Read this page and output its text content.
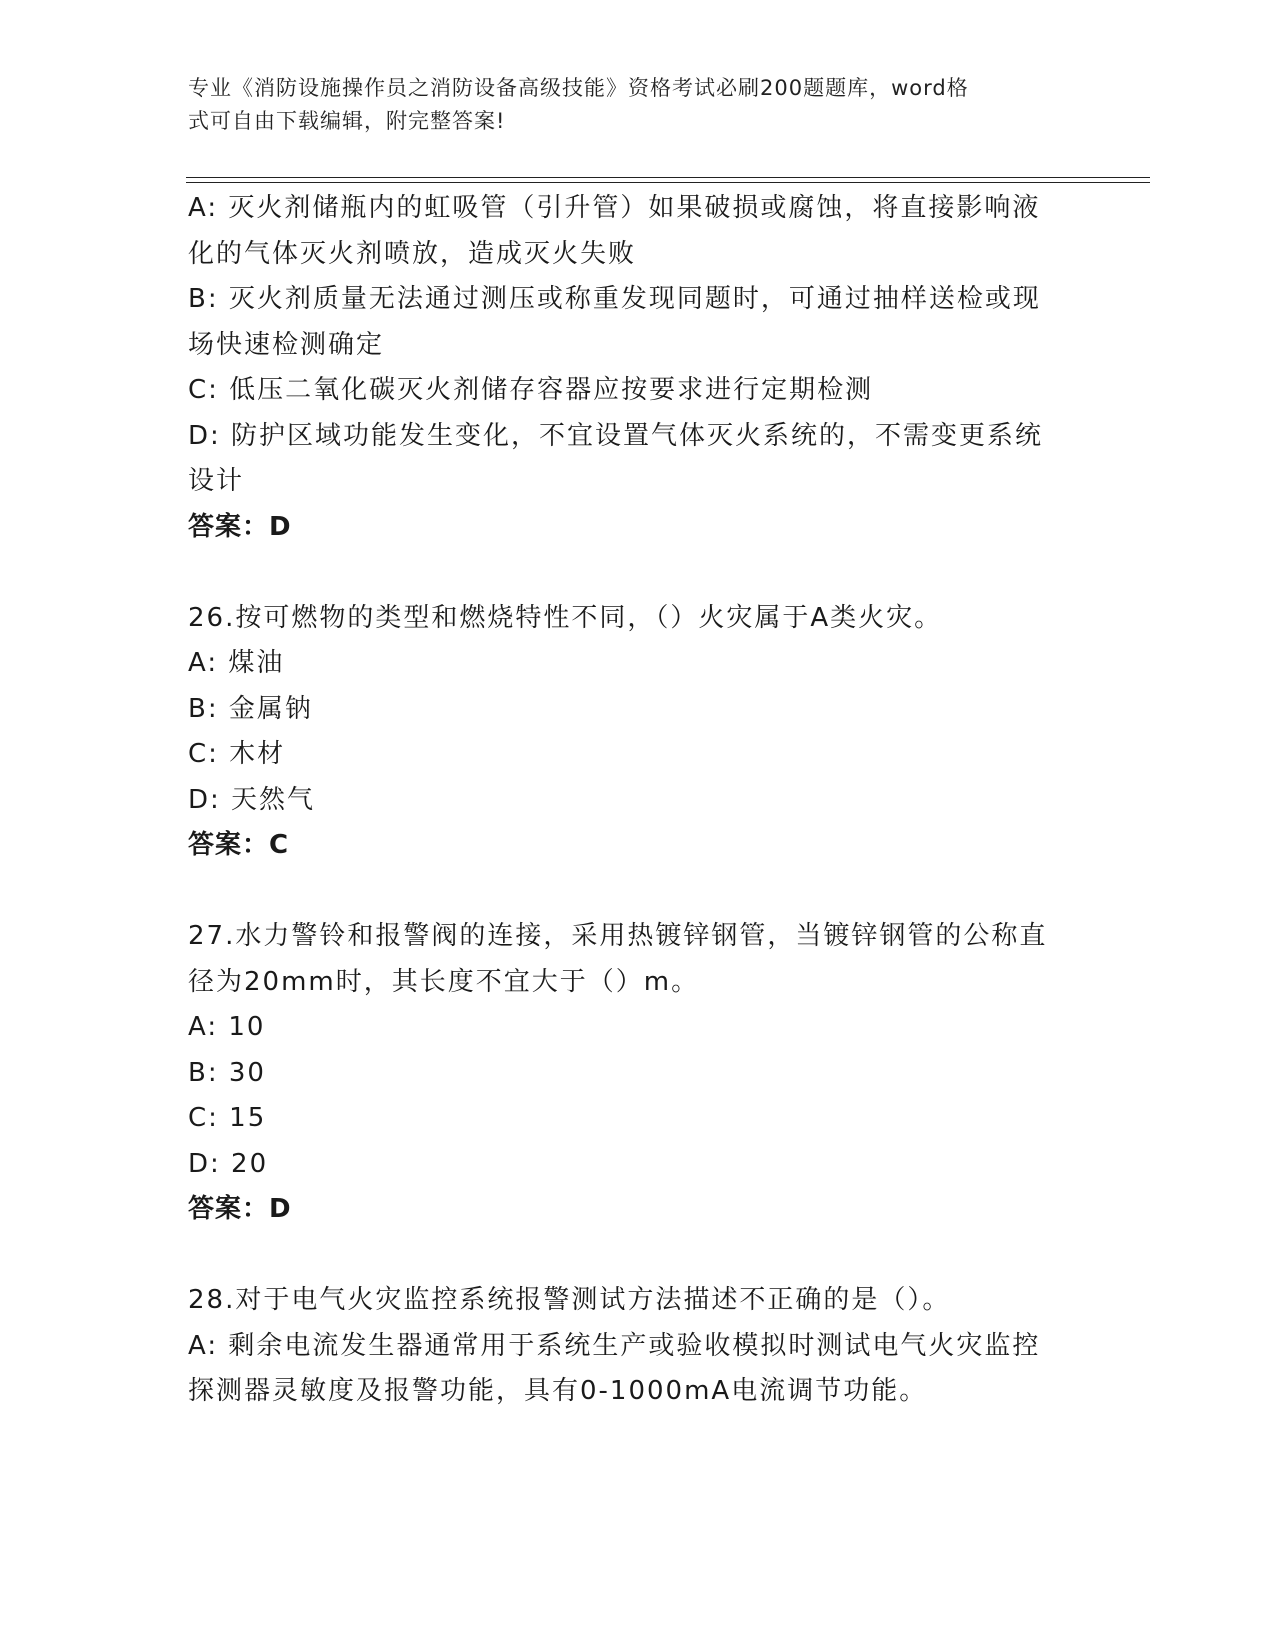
专业《消防设施操作员之消防设备高级技能》资格考试必刷200题题库，word格
式可自由下载编辑，附完整答案!
A: 灭火剂储瓶内的虹吸管（引升管）如果破损或腐蚀，将直接影响液
化的气体灭火剂喷放，造成灭火失败
B: 灭火剂质量无法通过测压或称重发现同题时，可通过抽样送检或现
场快速检测确定
C: 低压二氧化碳灭火剂储存容器应按要求进行定期检测
D: 防护区域功能发生变化，不宜设置气体灭火系统的，不需变更系统
设计
答案：D
26.按可燃物的类型和燃烧特性不同，（）火灾属于A类火灾。
A: 煤油
B: 金属钠
C: 木材
D: 天然气
答案：C
27.水力警铃和报警阀的连接，采用热镀锌钢管，当镀锌钢管的公称直
径为20mm时，其长度不宜大于（）m。
A: 10
B: 30
C: 15
D: 20
答案：D
28.对于电气火灾监控系统报警测试方法描述不正确的是（）。
A: 剩余电流发生器通常用于系统生产或验收模拟时测试电气火灾监控
探测器灵敏度及报警功能，具有0-1000mA电流调节功能。
